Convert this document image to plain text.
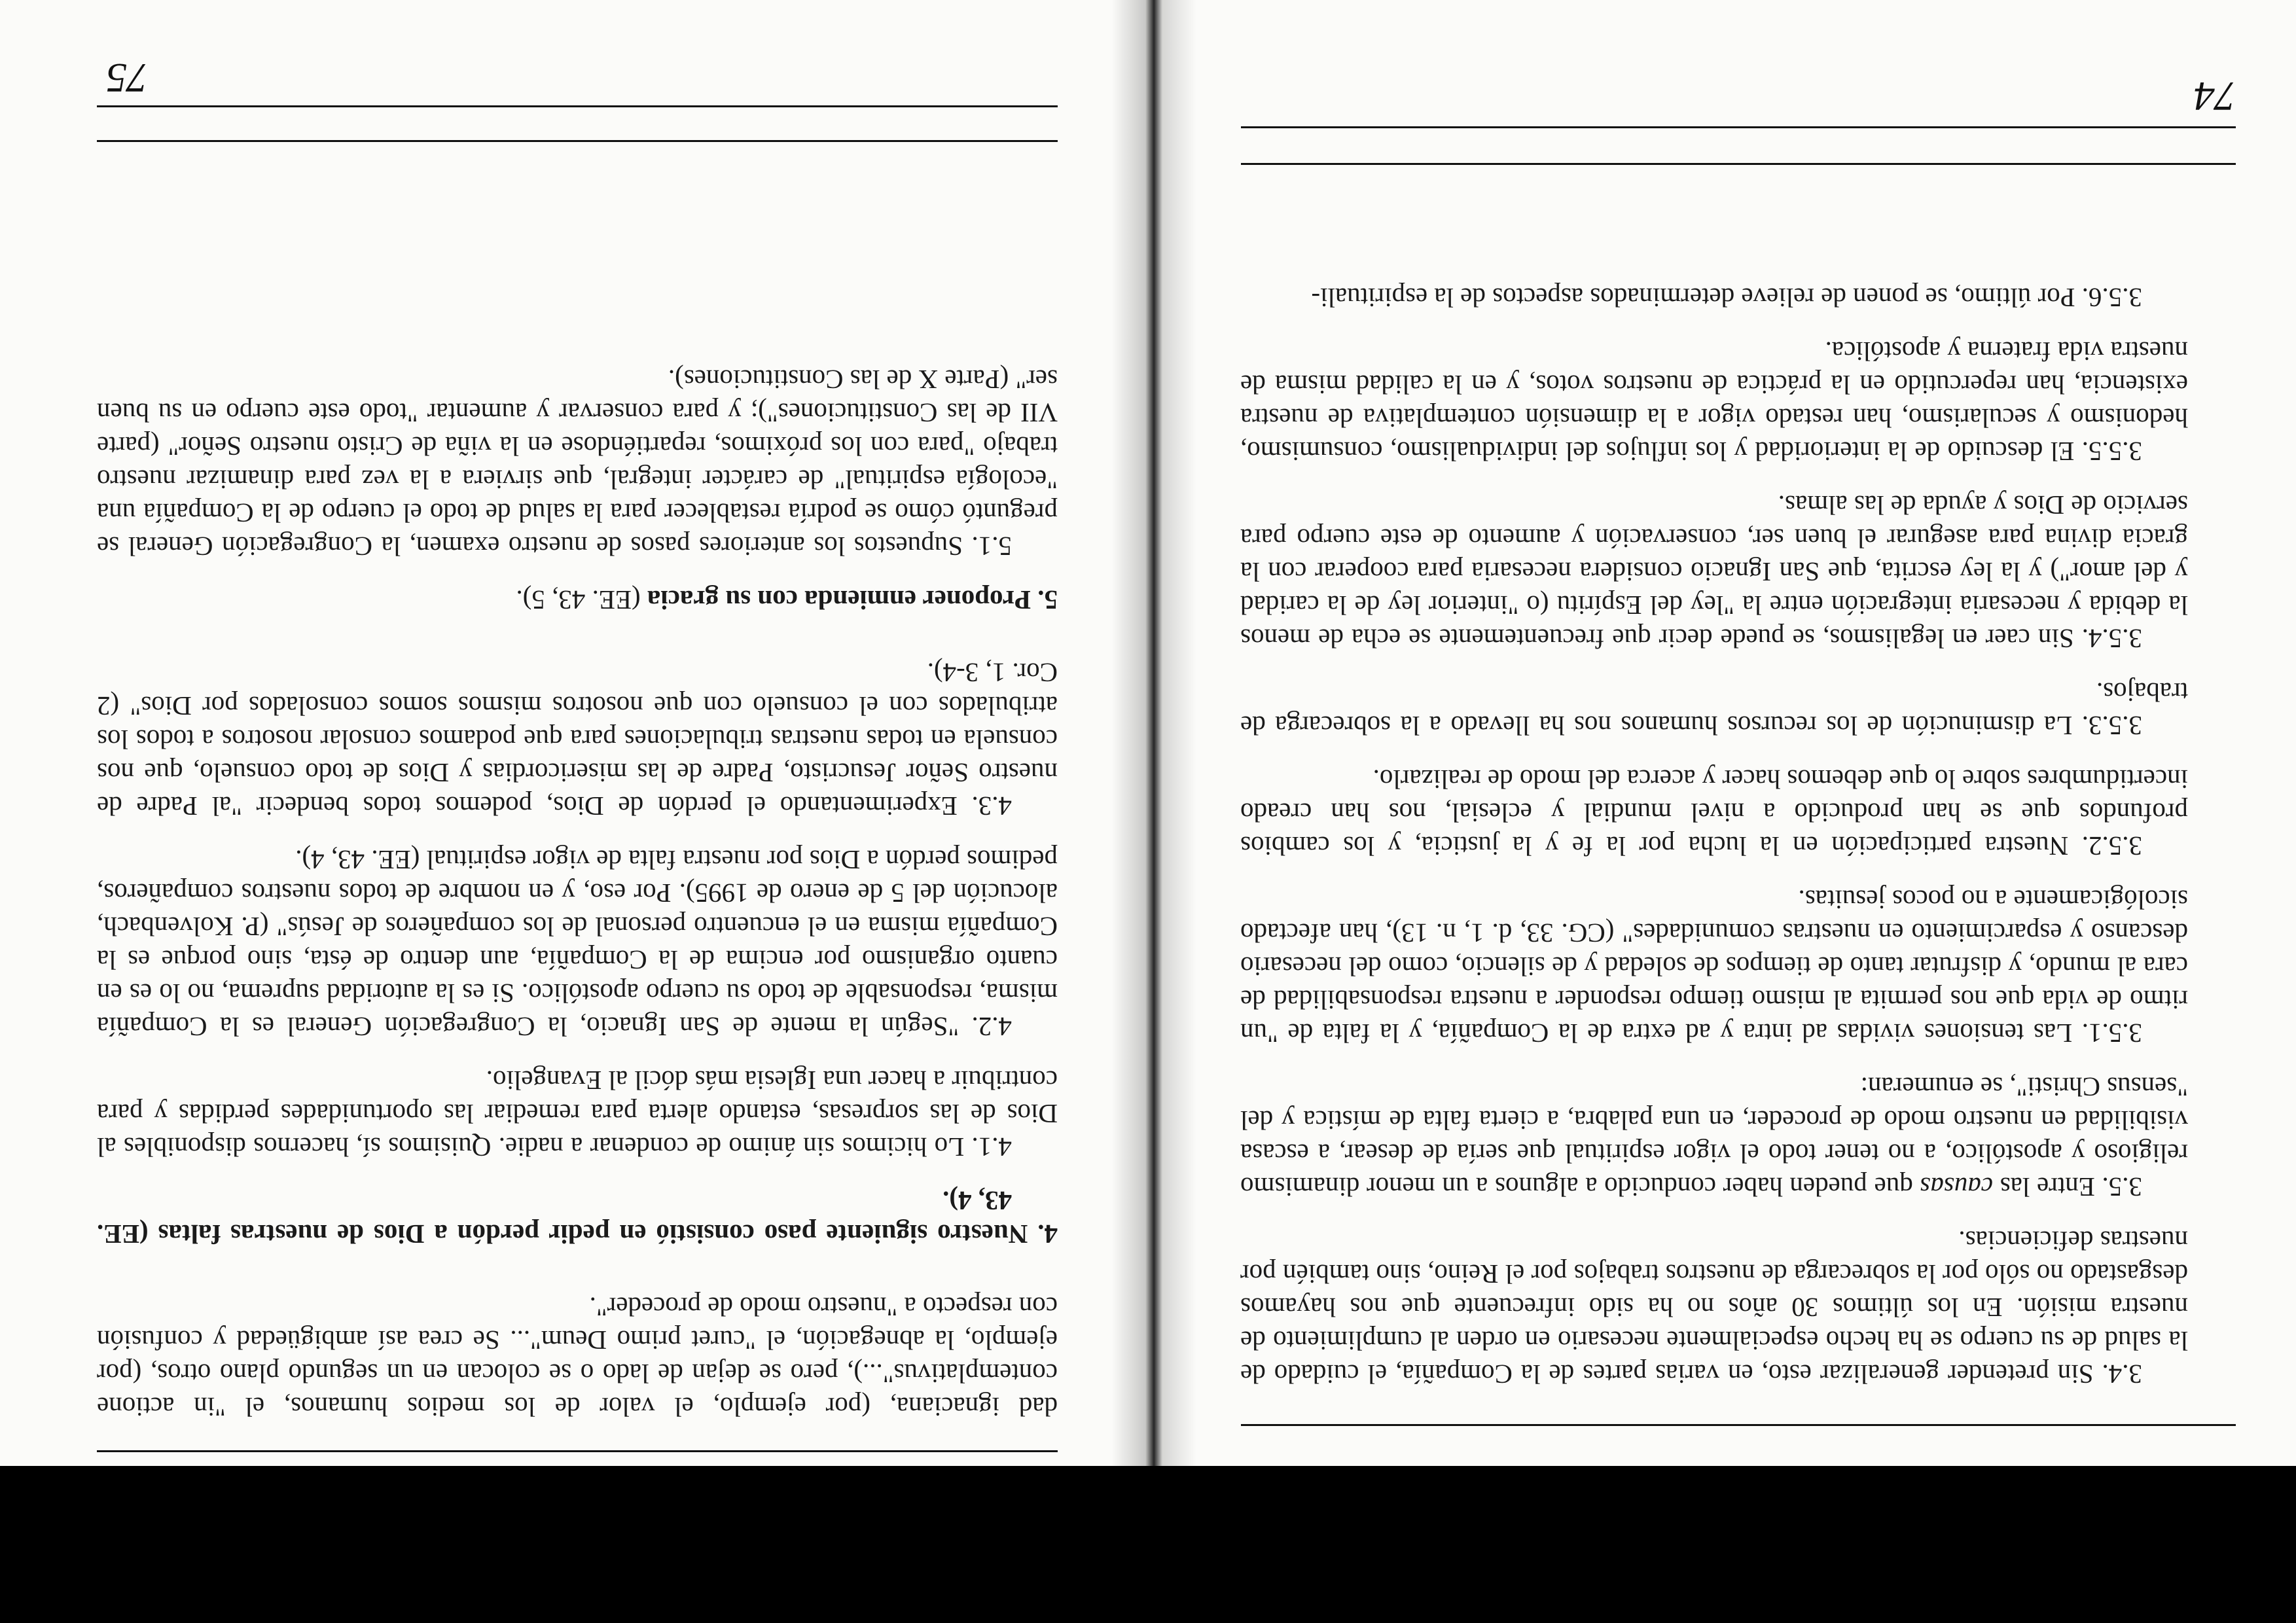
74

3.4. Sin pretender generalizar esto, en varias partes de la Compañía, el cuidado de la salud de su cuerpo se ha hecho especialmente necesario en orden al cumplimiento de nuestra misión. En los últimos 30 años no ha sido infrecuente que nos hayamos desgastado no sólo por la sobrecarga de nuestros trabajos por el Reino, sino también por nuestras deficiencias.

3.5. Entre las causas que pueden haber conducido a algunos a un menor dinamismo religioso y apostólico, a no tener todo el vigor espiritual que sería de desear, a escasa visibilidad en nuestro modo de proceder, en una palabra, a cierta falta de mística y del "sensus Christi", se enumeran:

3.5.1. Las tensiones vividas ad intra y ad extra de la Compañía, y la falta de "un ritmo de vida que nos permita al mismo tiempo responder a nuestra responsabilidad de cara al mundo, y disfrutar tanto de tiempos de soledad y de silencio, como del necesario descanso y esparcimiento en nuestras comunidades" (CG. 33, d. 1, n. 13), han afectado sicológicamente a no pocos jesuitas.

3.5.2. Nuestra participación en la lucha por la fe y la justicia, y los cambios profundos que se han producido a nivel mundial y eclesial, nos han creado incertidumbres sobre lo que debemos hacer y acerca del modo de realizarlo.

3.5.3. La disminución de los recursos humanos nos ha llevado a la sobrecarga de trabajos.

3.5.4. Sin caer en legalismos, se puede decir que frecuentemente se echa de menos la debida y necesaria integración entre la "ley del Espíritu (o "interior ley de la caridad y del amor") y la ley escrita, que San Ignacio considera necesaria para cooperar con la gracia divina para asegurar el buen ser, conservación y aumento de este cuerpo para servicio de Dios y ayuda de las almas.

3.5.5. El descuido de la interioridad y los influjos del individualismo, consumismo, hedonismo y secularismo, han restado vigor a la dimensión contemplativa de nuestra existencia, han repercutido en la práctica de nuestros votos, y en la calidad misma de nuestra vida fraterna y apostólica.

3.5.6. Por último, se ponen de relieve determinados aspectos de la espirituali-

75

dad ignaciana, (por ejemplo, el valor de los medios humanos, el "in actione contemplativus"...), pero se dejan de lado o se colocan en un segundo plano otros, (por ejemplo, la abnegación, el "curet primo Deum"... Se crea así ambigüedad y confusión con respecto a "nuestro modo de proceder".

4. Nuestro siguiente paso consistió en pedir perdón a Dios de nuestras faltas (EE. 43, 4).

4.1. Lo hicimos sin ánimo de condenar a nadie. Quisimos sí, hacernos disponibles al Dios de las sorpresas, estando alerta para remediar las oportunidades perdidas y para contribuir a hacer una Iglesia más dócil al Evangelio.

4.2. "Según la mente de San Ignacio, la Congregación General es la Compañía misma, responsable de todo su cuerpo apostólico. Si es la autoridad suprema, no lo es en cuanto organismo por encima de la Compañía, aun dentro de ésta, sino porque es la Compañía misma en el encuentro personal de los compañeros de Jesús" (P. Kolvenbach, alocución del 5 de enero de 1995). Por eso, y en nombre de todos nuestros compañeros, pedimos perdón a Dios por nuestra falta de vigor espiritual (EE. 43, 4).

4.3. Experimentando el perdón de Dios, podemos todos bendecir "al Padre de nuestro Señor Jesucristo, Padre de las misericordias y Dios de todo consuelo, que nos consuela en todas nuestras tribulaciones para que podamos consolar nosotros a todos los atribulados con el consuelo con que nosotros mismos somos consolados por Dios" (2 Cor. 1, 3-4).

5. Proponer enmienda con su gracia (EE. 43, 5).

5.1. Supuestos los anteriores pasos de nuestro examen, la Congregación General se preguntó cómo se podría restablecer para la salud de todo el cuerpo de la Compañía una "ecología espiritual" de carácter integral, que sirviera a la vez para dinamizar nuestro trabajo "para con los próximos, repartiéndose en la viña de Cristo nuestro Señor" (parte VII de las Constituciones"); y para conservar y aumentar "todo este cuerpo en su buen ser" (Parte X de las Constituciones).
